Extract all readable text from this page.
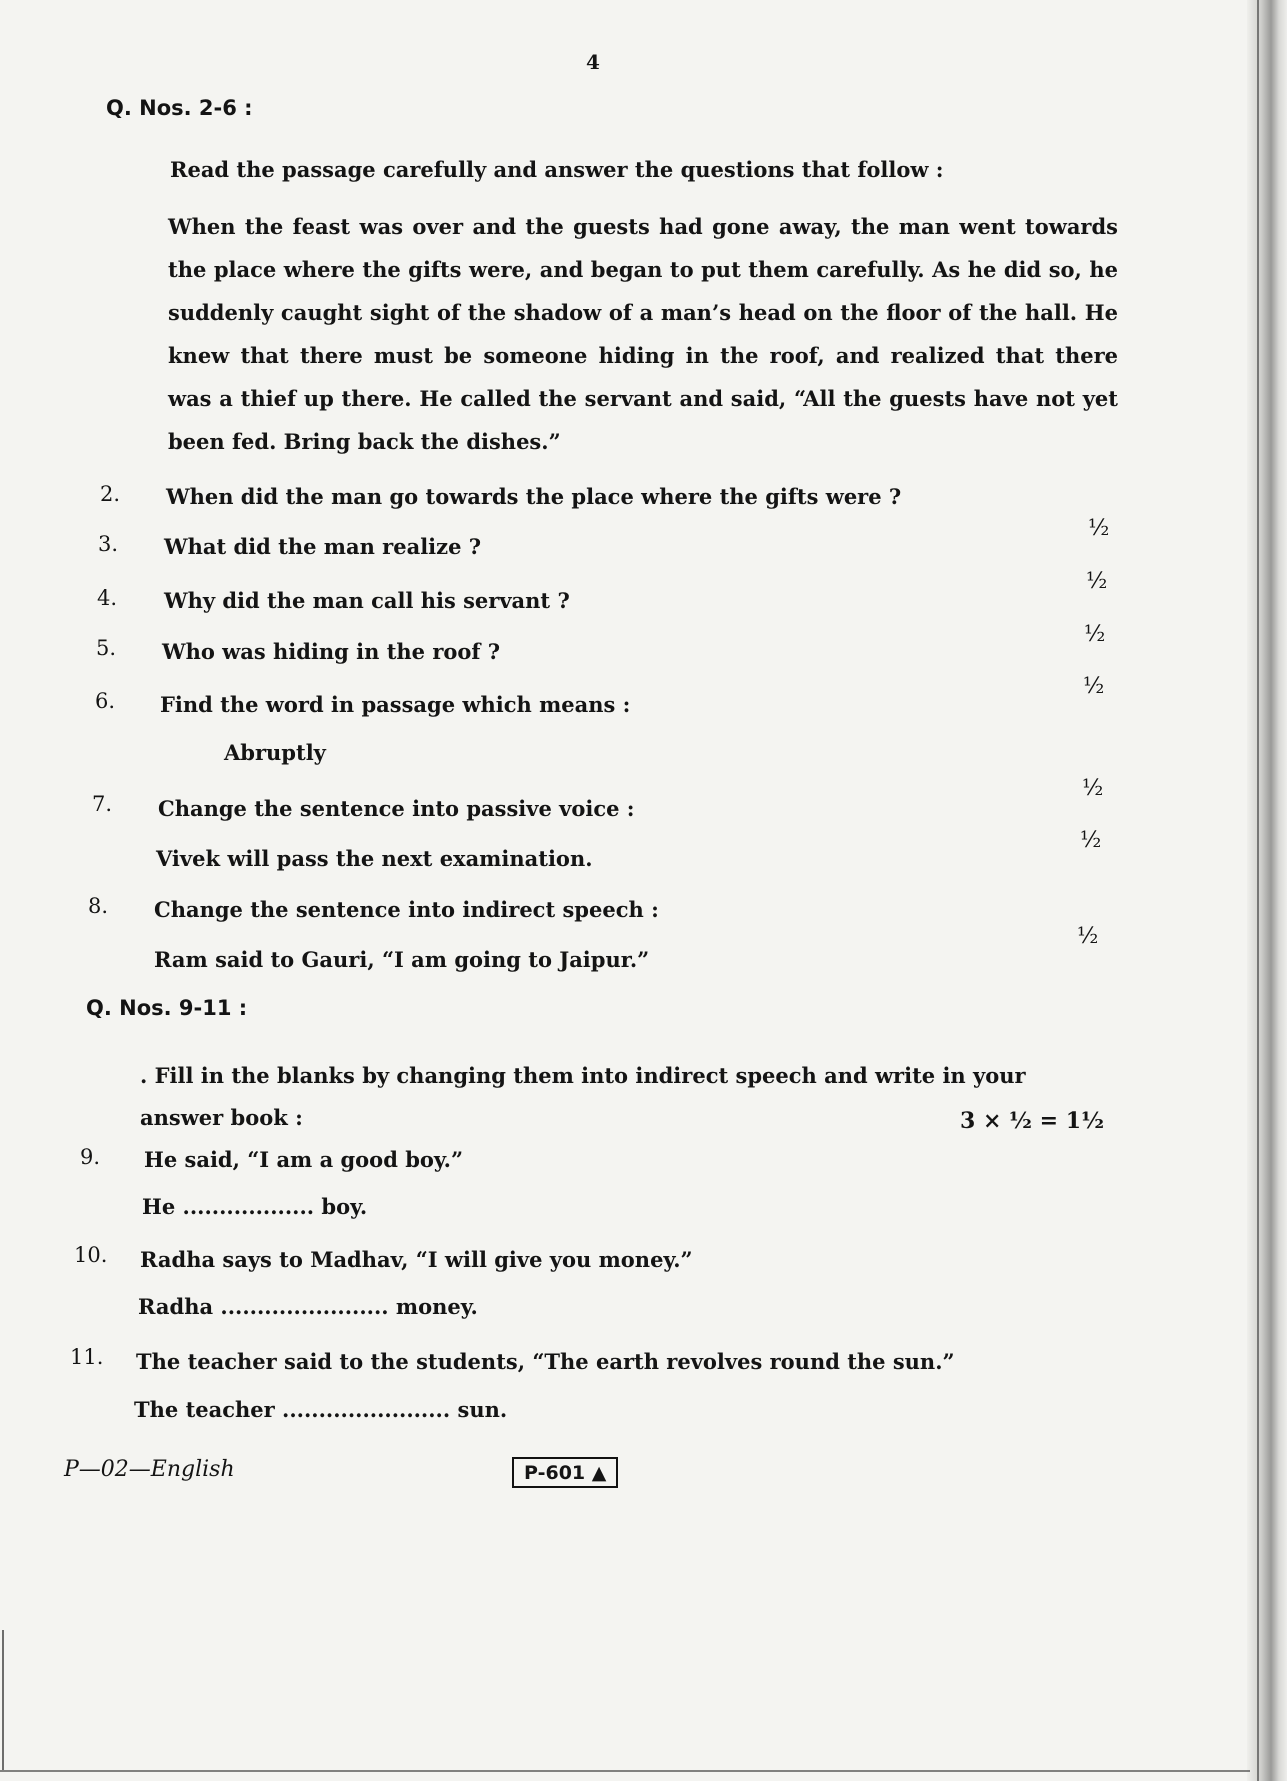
4
Q. Nos. 2-6 :
Read the passage carefully and answer the questions that follow :
When the feast was over and the guests had gone away, the man went towards the place where the gifts were, and began to put them carefully. As he did so, he suddenly caught sight of the shadow of a man’s head on the floor of the hall. He knew that there must be someone hiding in the roof, and realized that there was a thief up there. He called the servant and said, “All the guests have not yet been fed. Bring back the dishes.”
2. When did the man go towards the place where the gifts were ?
½
3. What did the man realize ?
½
4. Why did the man call his servant ?
½
5. Who was hiding in the roof ?
½
6. Find the word in passage which means :
Abruptly
½
7. Change the sentence into passive voice :
Vivek will pass the next examination.
½
8. Change the sentence into indirect speech :
Ram said to Gauri, “I am going to Jaipur.”
½
Q. Nos. 9-11 :
. Fill in the blanks by changing them into indirect speech and write in your answer book :	3 × ½ = 1½
9. He said, “I am a good boy.”
He .................. boy.
10. Radha says to Madhav, “I will give you money.”
Radha ....................... money.
11. The teacher said to the students, “The earth revolves round the sun.”
The teacher ....................... sun.
P—02—English	P-601 ▲
